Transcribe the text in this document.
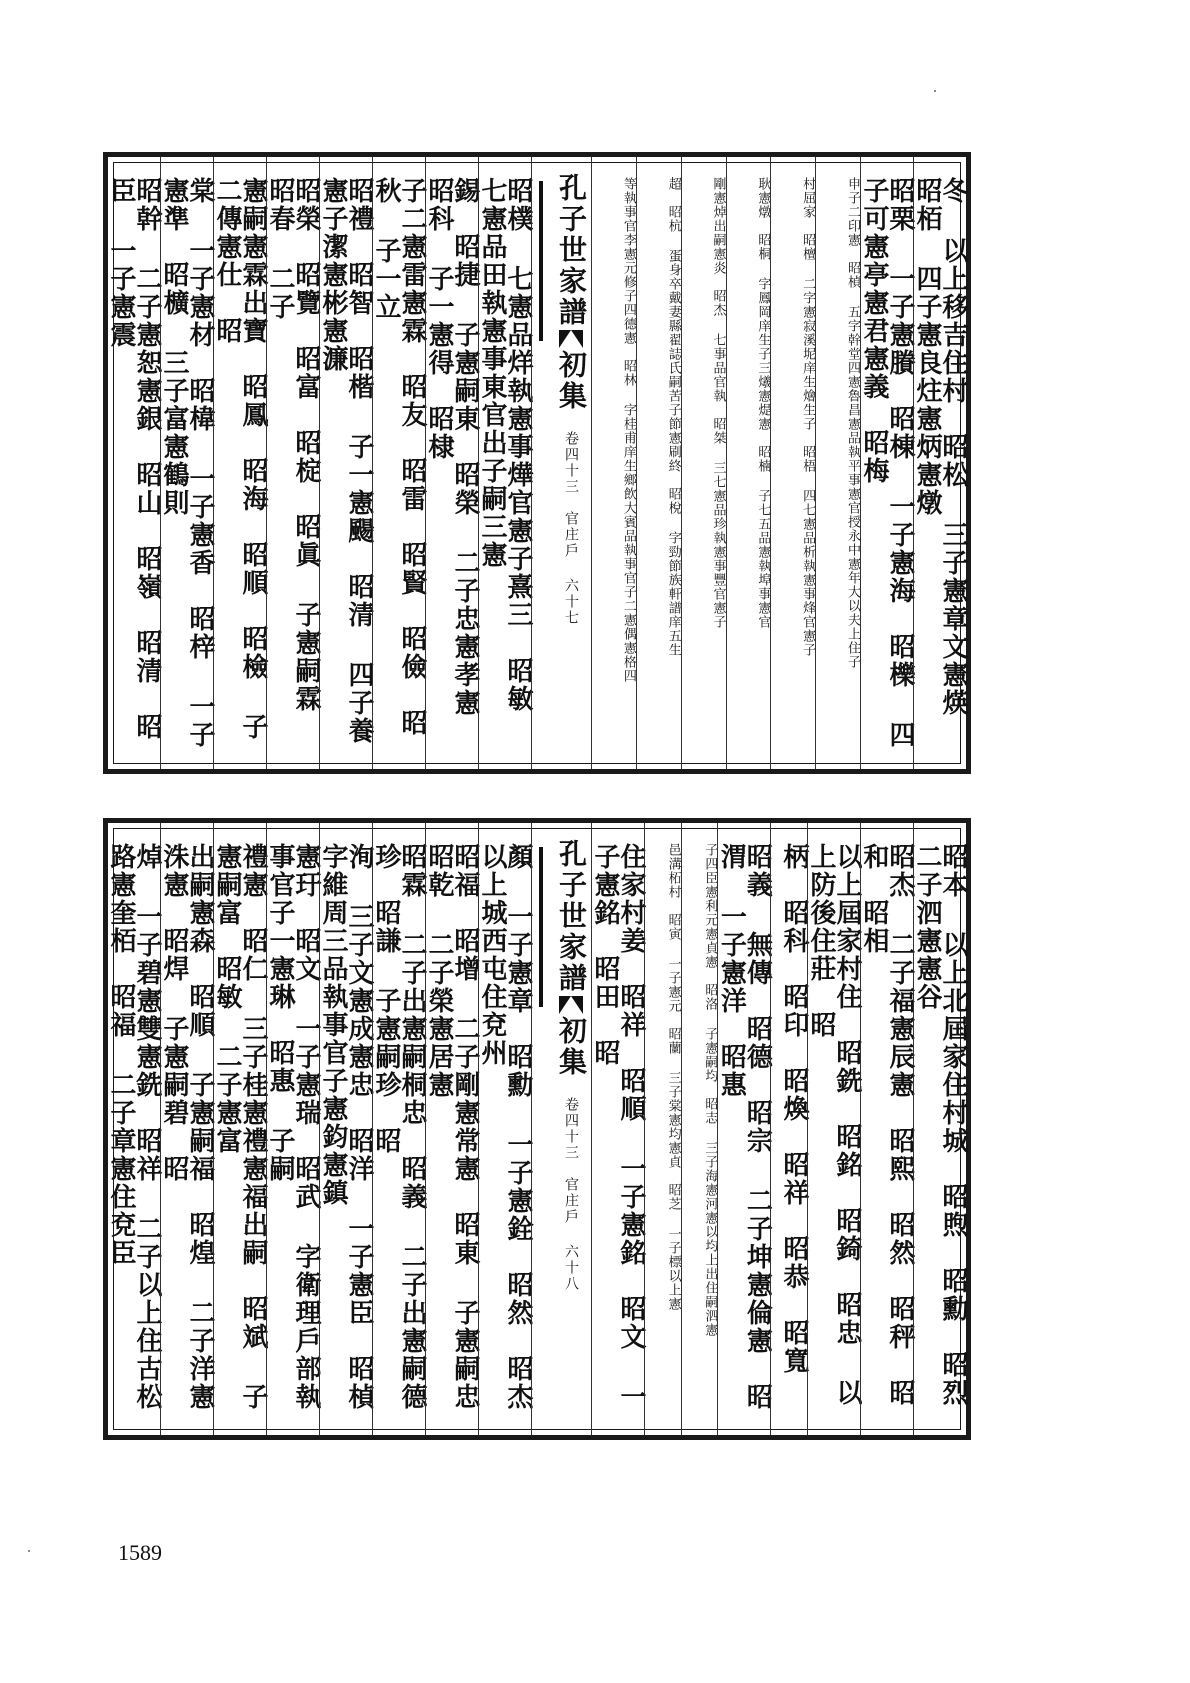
冬 以上移吉住村　昭松 三子憲章文憲煐　昭栢 四子憲良炷憲炳憲燉
昭栗 一子憲賸　昭棟 一子憲海　昭櫟 四子可憲亭憲君憲義　昭梅
申子二印憲　昭楨 五字幹堂四憲魯昌憲品執平事憲官授永中憲年大以夫上住子
村屈家　昭檀 二字憲寂溪坭庠生燴生子　昭梧 四七憲品析執憲事烽官憲子
耿憲燉　昭桐 字鳳岡庠生子三爔憲煶憲　昭楠 子七五品憲執埠事憲官
剛憲焯出嗣憲炎　昭杰 七事品官執　昭桀 三七憲品珍執憲事豐官憲子
超　昭杭 蛋身卒戴妻縣翟誌氏嗣苦子節憲刷終　昭梲 字勁節族軒譜庠五生
等執事官李憲元修子四德憲　昭林 字桂甫庠生鄉飲大賓品執事官子二憲偶憲格四
孔子世家譜初集 卷四十三　官庄戶 六十七
昭樸 七憲品烊執憲事燁官憲子熹三　昭敏 七憲品田執憲事東官出子嗣三憲
錫　昭捷 子憲嗣東　昭榮 二子忠憲孝憲　昭科 子一憲得　昭棣
子二憲雷憲霖　昭友　昭雷　昭賢　昭儉　昭秋 子一立
昭禮　昭智　昭楷 子一憲颺　昭清 四子養憲子潔憲彬憲濂
昭榮　昭覽　昭富　昭椗　昭眞 子憲嗣霖　昭春 二子
憲嗣憲霖出寶　昭鳳　昭海　昭順　昭檢 子二傳憲仕　昭
棠 一子憲材　昭椲 一子憲香　昭梓 一子憲準　昭櫎 三子富憲鶴則
昭幹 二子憲恕憲銀　昭山　昭嶺　昭清　昭臣 一子憲震
昭本 以上北屆家住村城　昭煦　昭勳　昭烈 二子泗憲憲谷
昭杰 二子福憲辰憲　昭熙　昭然　昭秤　昭和　昭相
以上屆家村住　昭銑　昭銘　昭錡　昭忠 以上防後住莊　昭
柄　昭科　昭印　昭煥　昭祥　昭恭　昭寬
昭義 無傳　昭德　昭宗 二子坤憲倫憲　昭渭 一子憲洋　昭惠
子四臣憲利元憲貞憲　昭洛 子憲嗣均　昭志 三子海憲河憲以均上出住嗣泗憲
邑溝柘村　昭寅 一子憲元　昭蘭 三子棠憲均憲貞　昭芝 一子標以上憲
住家村姜　昭祥　昭順 一子憲銘　昭文 一子憲銘　昭田　昭
孔子世家譜初集 卷四十三　官庄戶 六十八
顏 一子憲章　昭勳 一子憲銓　昭然　昭杰 以上城西屯住兗州
昭福　昭增 二子剛憲常憲　昭東 子憲嗣忠　昭乾 二子榮憲居憲
昭霖 二子出憲嗣桐忠　昭義 二子出憲嗣德珍　昭謙 子憲嗣珍　昭
洵 三子文憲成憲忠　昭洋 一子憲臣　昭楨 字維周三品執事官子憲鈞憲鎮
憲玗　昭文 一子憲瑞　昭武 字衛理戶部執事官子一憲琳　昭惠 子嗣
禮憲　昭仁 三子桂憲禮憲福出嗣　昭斌 子憲嗣富　昭敏 二子憲富
出嗣憲森　昭順 子憲嗣福　昭煌 二子洋憲洙憲　昭焊 子憲嗣碧　昭
焯 一子碧憲雙憲銑　昭祥 二子以上住古松路憲奎栢　昭福 二子章憲住兗臣
1589
